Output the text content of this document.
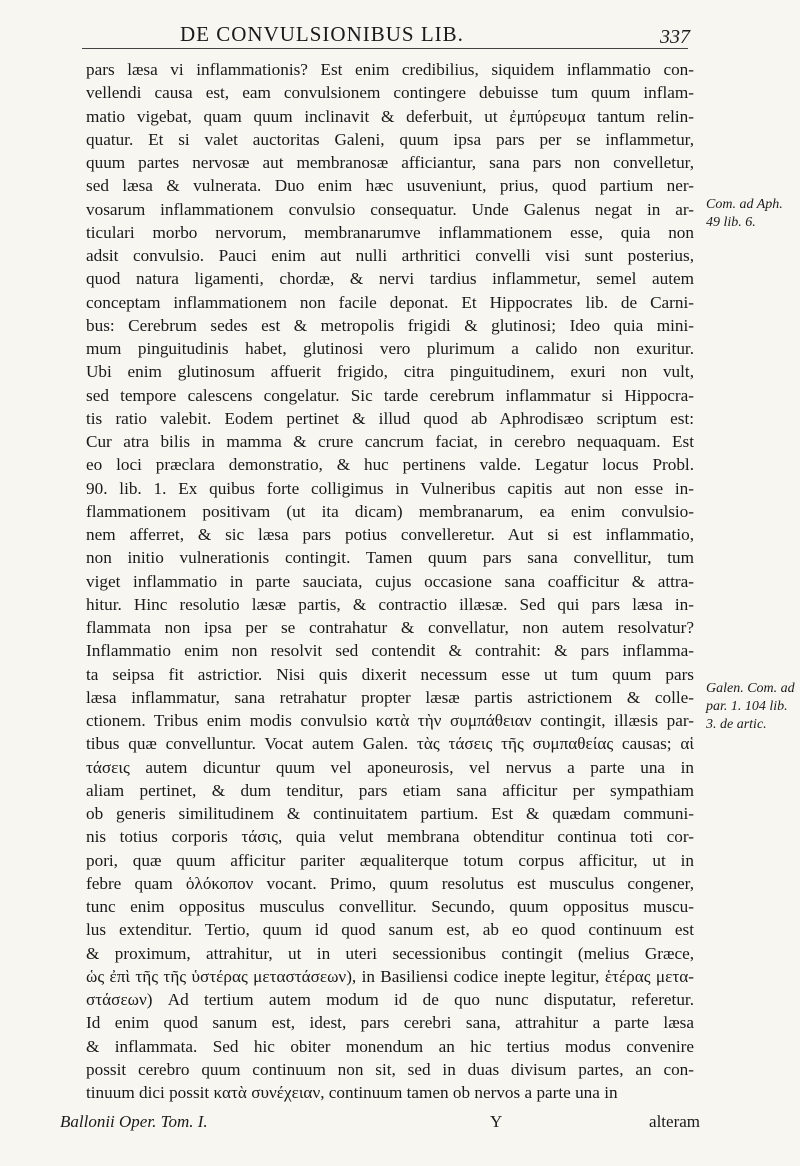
DE CONVULSIONIBUS LIB.	337
pars læsa vi inflammationis? Est enim credibilius, siquidem inflammatio con-
vellendi causa est, eam convulsionem contingere debuisse tum quum inflam-
matio vigebat, quam quum inclinavit & deferbuit, ut ἐμπύρευμα tantum relin-
quatur. Et si valet auctoritas Galeni, quum ipsa pars per se inflammetur,
quum partes nervosæ aut membranosæ afficiantur, sana pars non convelletur,
sed læsa & vulnerata. Duo enim hæc usuveniunt, prius, quod partium ner-
vosarum inflammationem convulsio consequatur. Unde Galenus negat in ar-
ticulari morbo nervorum, membranarumve inflammationem esse, quia non
adsit convulsio. Pauci enim aut nulli arthritici convelli visi sunt posterius,
quod natura ligamenti, chordæ, & nervi tardius inflammetur, semel autem
conceptam inflammationem non facile deponat. Et Hippocrates lib. de Carni-
bus: Cerebrum sedes est & metropolis frigidi & glutinosi; Ideo quia mini-
mum pinguitudinis habet, glutinosi vero plurimum a calido non exuritur.
Ubi enim glutinosum affuerit frigido, citra pinguitudinem, exuri non vult,
sed tempore calescens congelatur. Sic tarde cerebrum inflammatur si Hippocra-
tis ratio valebit. Eodem pertinet & illud quod ab Aphrodisæo scriptum est:
Cur atra bilis in mamma & crure cancrum faciat, in cerebro nequaquam. Est
eo loci præclara demonstratio, & huc pertinens valde. Legatur locus Probl.
90. lib. 1. Ex quibus forte colligimus in Vulneribus capitis aut non esse in-
flammationem positivam (ut ita dicam) membranarum, ea enim convulsio-
nem afferret, & sic læsa pars potius convelleretur. Aut si est inflammatio,
non initio vulnerationis contingit. Tamen quum pars sana convellitur, tum
viget inflammatio in parte sauciata, cujus occasione sana coafficitur & attra-
hitur. Hinc resolutio læsæ partis, & contractio illæsæ. Sed qui pars læsa in-
flammata non ipsa per se contrahatur & convellatur, non autem resolvatur?
Inflammatio enim non resolvit sed contendit & contrahit: & pars inflamma-
ta seipsa fit astrictior. Nisi quis dixerit necessum esse ut tum quum pars
læsa inflammatur, sana retrahatur propter læsæ partis astrictionem & colle-
ctionem. Tribus enim modis convulsio κατὰ τὴν συμπάθειαν contingit, illæsis par-
tibus quæ convelluntur. Vocat autem Galen. τὰς τάσεις τῆς συμπαθείας causas; αἱ
τάσεις autem dicuntur quum vel aponeurosis, vel nervus a parte una in
aliam pertinet, & dum tenditur, pars etiam sana afficitur per sympathiam
ob generis similitudinem & continuitatem partium. Est & quædam communi-
nis totius corporis τάσις, quia velut membrana obtenditur continua toti cor-
pori, quæ quum afficitur pariter æqualiterque totum corpus afficitur, ut in
febre quam ὁλόκοπον vocant. Primo, quum resolutus est musculus congener,
tunc enim oppositus musculus convellitur. Secundo, quum oppositus muscu-
lus extenditur. Tertio, quum id quod sanum est, ab eo quod continuum est
& proximum, attrahitur, ut in uteri secessionibus contingit (melius Græce,
ὡς ἐπὶ τῆς τῆς ὑστέρας μεταστάσεων), in Basiliensi codice inepte legitur, ἑτέρας μετα-
στάσεων) Ad tertium autem modum id de quo nunc disputatur, referetur.
Id enim quod sanum est, idest, pars cerebri sana, attrahitur a parte læsa
& inflammata. Sed hic obiter monendum an hic tertius modus convenire
possit cerebro quum continuum non sit, sed in duas divisum partes, an con-
tinuum dici possit κατὰ συνέχειαν, continuum tamen ob nervos a parte una in
Com. ad Aph. 49 lib. 6.
Galen. Com. ad par. 1. 104 lib. 3. de artic.
Ballonii Oper. Tom. I.	Y	alteram
